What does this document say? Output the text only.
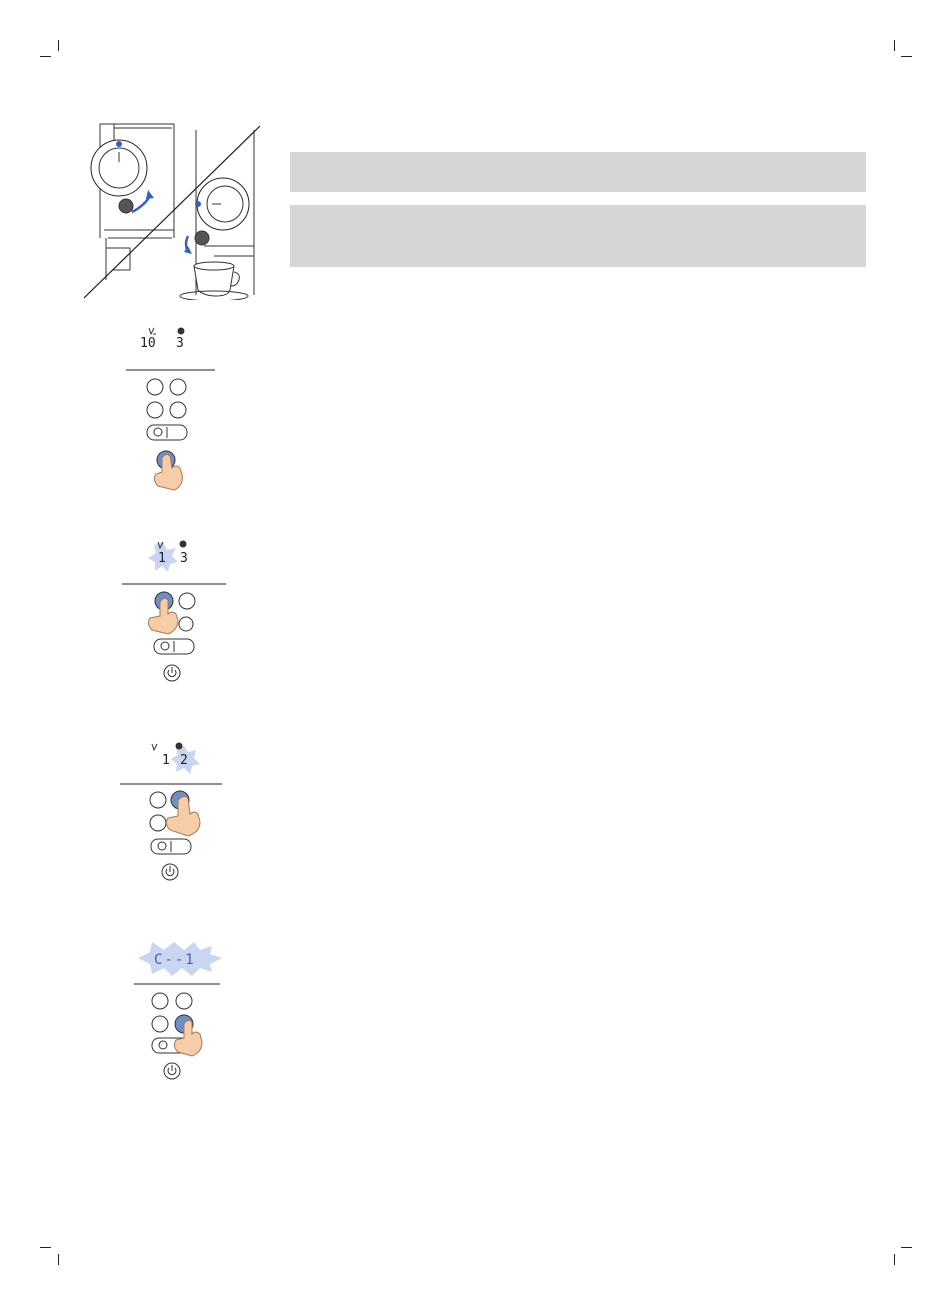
10 3
1 3
1 2
C--1
